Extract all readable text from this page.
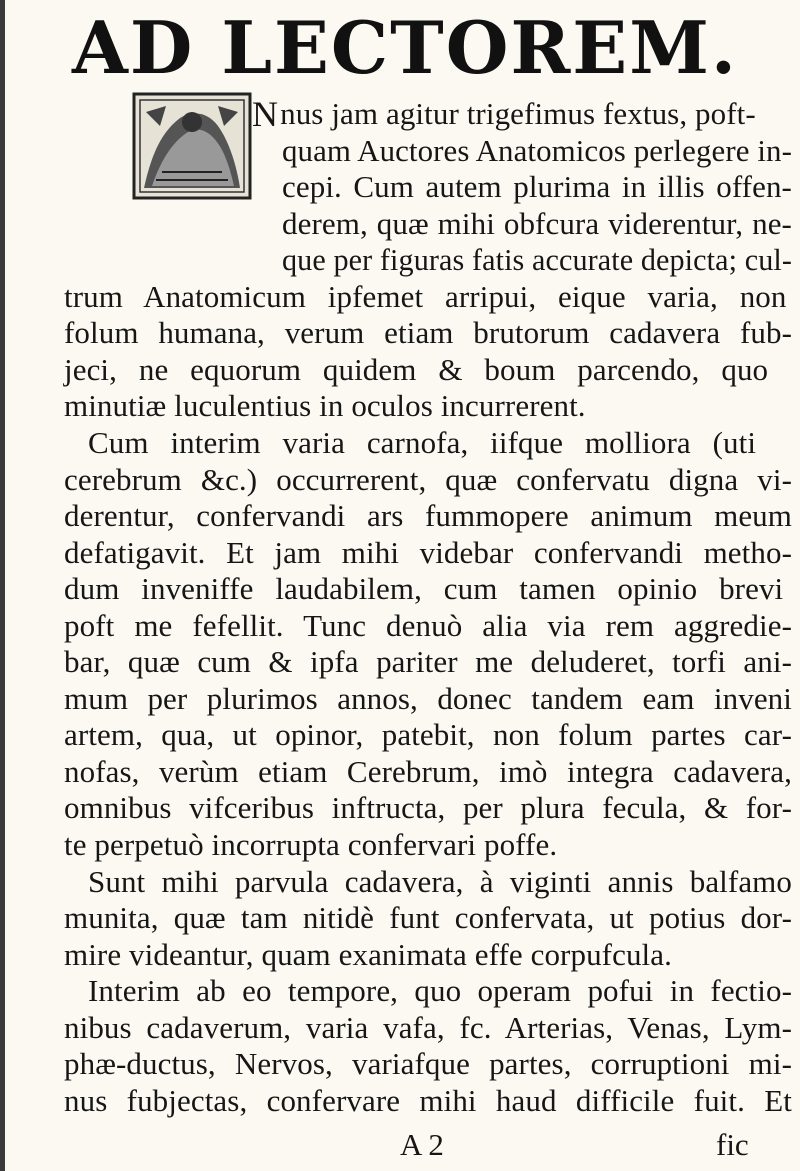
AD LECTOREM.
N nus jam agitur trigefimus fextus, poft-
quam Auctores Anatomicos perlegere in-
cepi. Cum autem plurima in illis offen-
derem, quæ mihi obfcura viderentur, ne-
que per figuras fatis accurate depicta; cul-
trum Anatomicum ipfemet arripui, eique varia, non
folum humana, verum etiam brutorum cadavera fub-
jeci, ne equorum quidem & boum parcendo, quo
minutiæ luculentius in oculos incurrerent.
Cum interim varia carnofa, iifque molliora (uti
cerebrum &c.) occurrerent, quæ confervatu digna vi-
derentur, confervandi ars fummopere animum meum
defatigavit. Et jam mihi videbar confervandi metho-
dum inveniffe laudabilem, cum tamen opinio brevi
poft me fefellit. Tunc denuò alia via rem aggredie-
bar, quæ cum & ipfa pariter me deluderet, torfi ani-
mum per plurimos annos, donec tandem eam inveni
artem, qua, ut opinor, patebit, non folum partes car-
nofas, verùm etiam Cerebrum, imò integra cadavera,
omnibus vifceribus inftructa, per plura fecula, & for-
te perpetuò incorrupta confervari poffe.
Sunt mihi parvula cadavera, à viginti annis balfamo
munita, quæ tam nitidè funt confervata, ut potius dor-
mire videantur, quam exanimata effe corpufcula.
Interim ab eo tempore, quo operam pofui in fectio-
nibus cadaverum, varia vafa, fc. Arterias, Venas, Lym-
phæ-ductus, Nervos, variafque partes, corruptioni mi-
nus fubjectas, confervare mihi haud difficile fuit. Et
A 2	fic
